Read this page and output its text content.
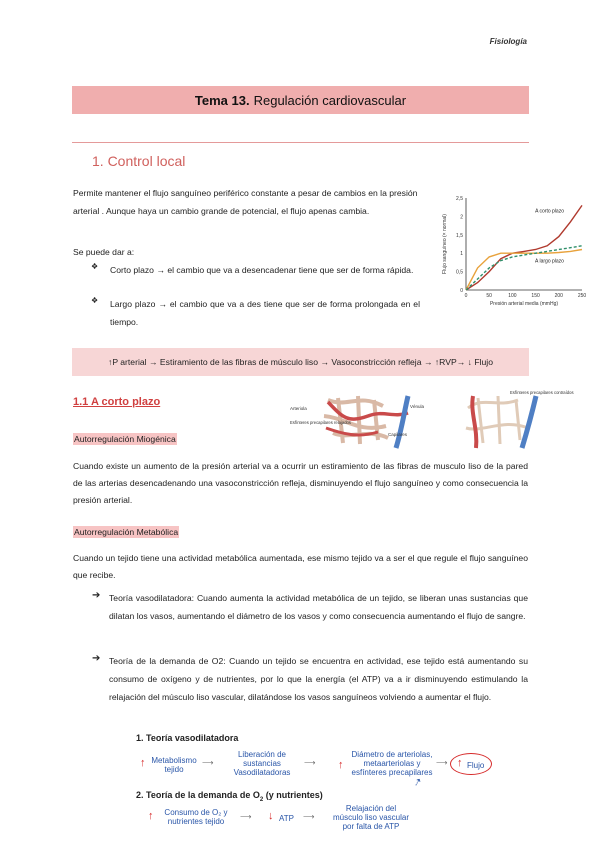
Fisiología
Tema 13. Regulación cardiovascular
1. Control local
Permite mantener el flujo sanguíneo periférico constante a pesar de cambios en la presión arterial . Aunque haya un cambio grande de potencial, el flujo apenas cambia.
Se puede dar a:
❖ Corto plazo → el cambio que va a desencadenar tiene que ser de forma rápida.
❖ Largo plazo → el cambio que va a des tiene que ser de forma prolongada en el tiempo.
0	50	100	150	200	250
0
0,5
1
1,5
2
2,5
Presión arterial media (mmHg)
Flujo sanguíneo (× normal)
A corto plazo
A largo plazo
↑P arterial → Estiramiento de las fibras de músculo liso → Vasoconstricción refleja → ↑RVP→ ↓ Flujo
1.1 A corto plazo
Arteriola	Vénula
Esfínteres precapilares relajados
Capilares
Esfínteres precapilares contraídos
Autorregulación Miogénica
Cuando existe un aumento de la presión arterial va a ocurrir un estiramiento de las fibras de musculo liso de la pared de las arterias desencadenando una vasoconstricción refleja, disminuyendo el flujo sanguíneo y como consecuencia la presión arterial.
Autorregulación Metabólica
Cuando un tejido tiene una actividad metabólica aumentada, ese mismo tejido va a ser el que regule el flujo sanguíneo que recibe.
➔ Teoría vasodilatadora: Cuando aumenta la actividad metabólica de un tejido, se liberan unas sustancias que dilatan los vasos, aumentando el diámetro de los vasos y como consecuencia aumentando el flujo de sangre.
➔ Teoría de la demanda de O2: Cuando un tejido se encuentra en actividad, ese tejido está aumentando su consumo de oxígeno y de nutrientes, por lo que la energía (el ATP) va a ir disminuyendo estimulando la relajación del músculo liso vascular, dilatándose los vasos sanguíneos volviendo a aumentar el flujo.
1. Teoría vasodilatadora
↑ Metabolismo tejido
⟶
Liberación de sustancias Vasodilatadoras
⟶ ↑
Diámetro de arteriolas, metaarteriolas y esfínteres precapilares
⟶ ↑ Flujo
⇢
2. Teoría de la demanda de $O_2$ (y nutrientes)
↑	Consumo de O₂ y nutrientes tejido
⟶ ↓ ATP ⟶
Relajación del músculo liso vascular por falta de ATP
